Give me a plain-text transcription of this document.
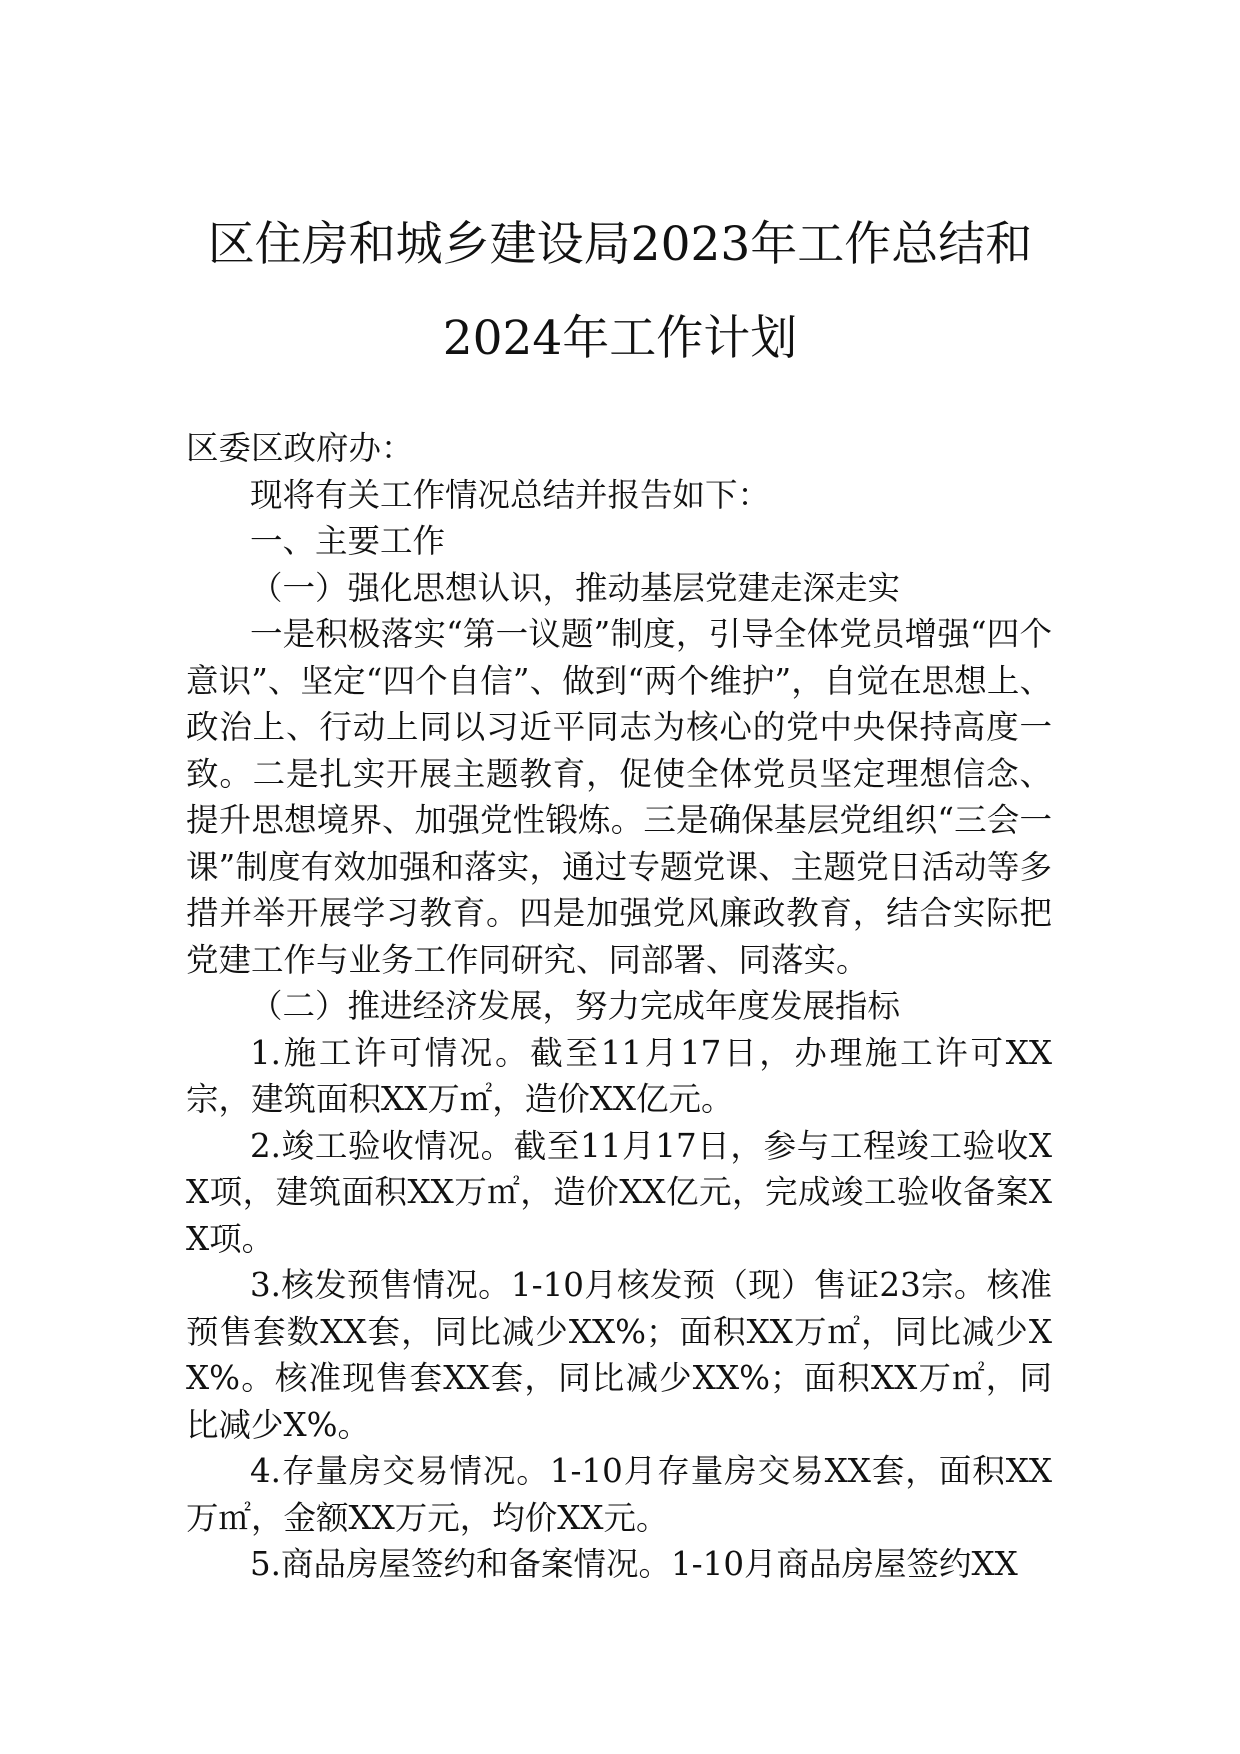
区住房和城乡建设局2023年工作总结和
2024年工作计划

区委区政府办：

现将有关工作情况总结并报告如下：

一、主要工作

（一）强化思想认识，推动基层党建走深走实

一是积极落实“第一议题”制度，引导全体党员增强“四个意识”、坚定“四个自信”、做到“两个维护”，自觉在思想上、政治上、行动上同以习近平同志为核心的党中央保持高度一致。二是扎实开展主题教育，促使全体党员坚定理想信念、提升思想境界、加强党性锻炼。三是确保基层党组织“三会一课”制度有效加强和落实，通过专题党课、主题党日活动等多措并举开展学习教育。四是加强党风廉政教育，结合实际把党建工作与业务工作同研究、同部署、同落实。

（二）推进经济发展，努力完成年度发展指标

1.施工许可情况。截至11月17日，办理施工许可XX宗，建筑面积XX万㎡，造价XX亿元。

2.竣工验收情况。截至11月17日，参与工程竣工验收XX项，建筑面积XX万㎡，造价XX亿元，完成竣工验收备案XX项。

3.核发预售情况。1-10月核发预（现）售证23宗。核准预售套数XX套，同比减少XX%；面积XX万㎡，同比减少XX%。核准现售套XX套，同比减少XX%；面积XX万㎡，同比减少X%。

4.存量房交易情况。1-10月存量房交易XX套，面积XX万㎡，金额XX万元，均价XX元。

5.商品房屋签约和备案情况。1-10月商品房屋签约XX
